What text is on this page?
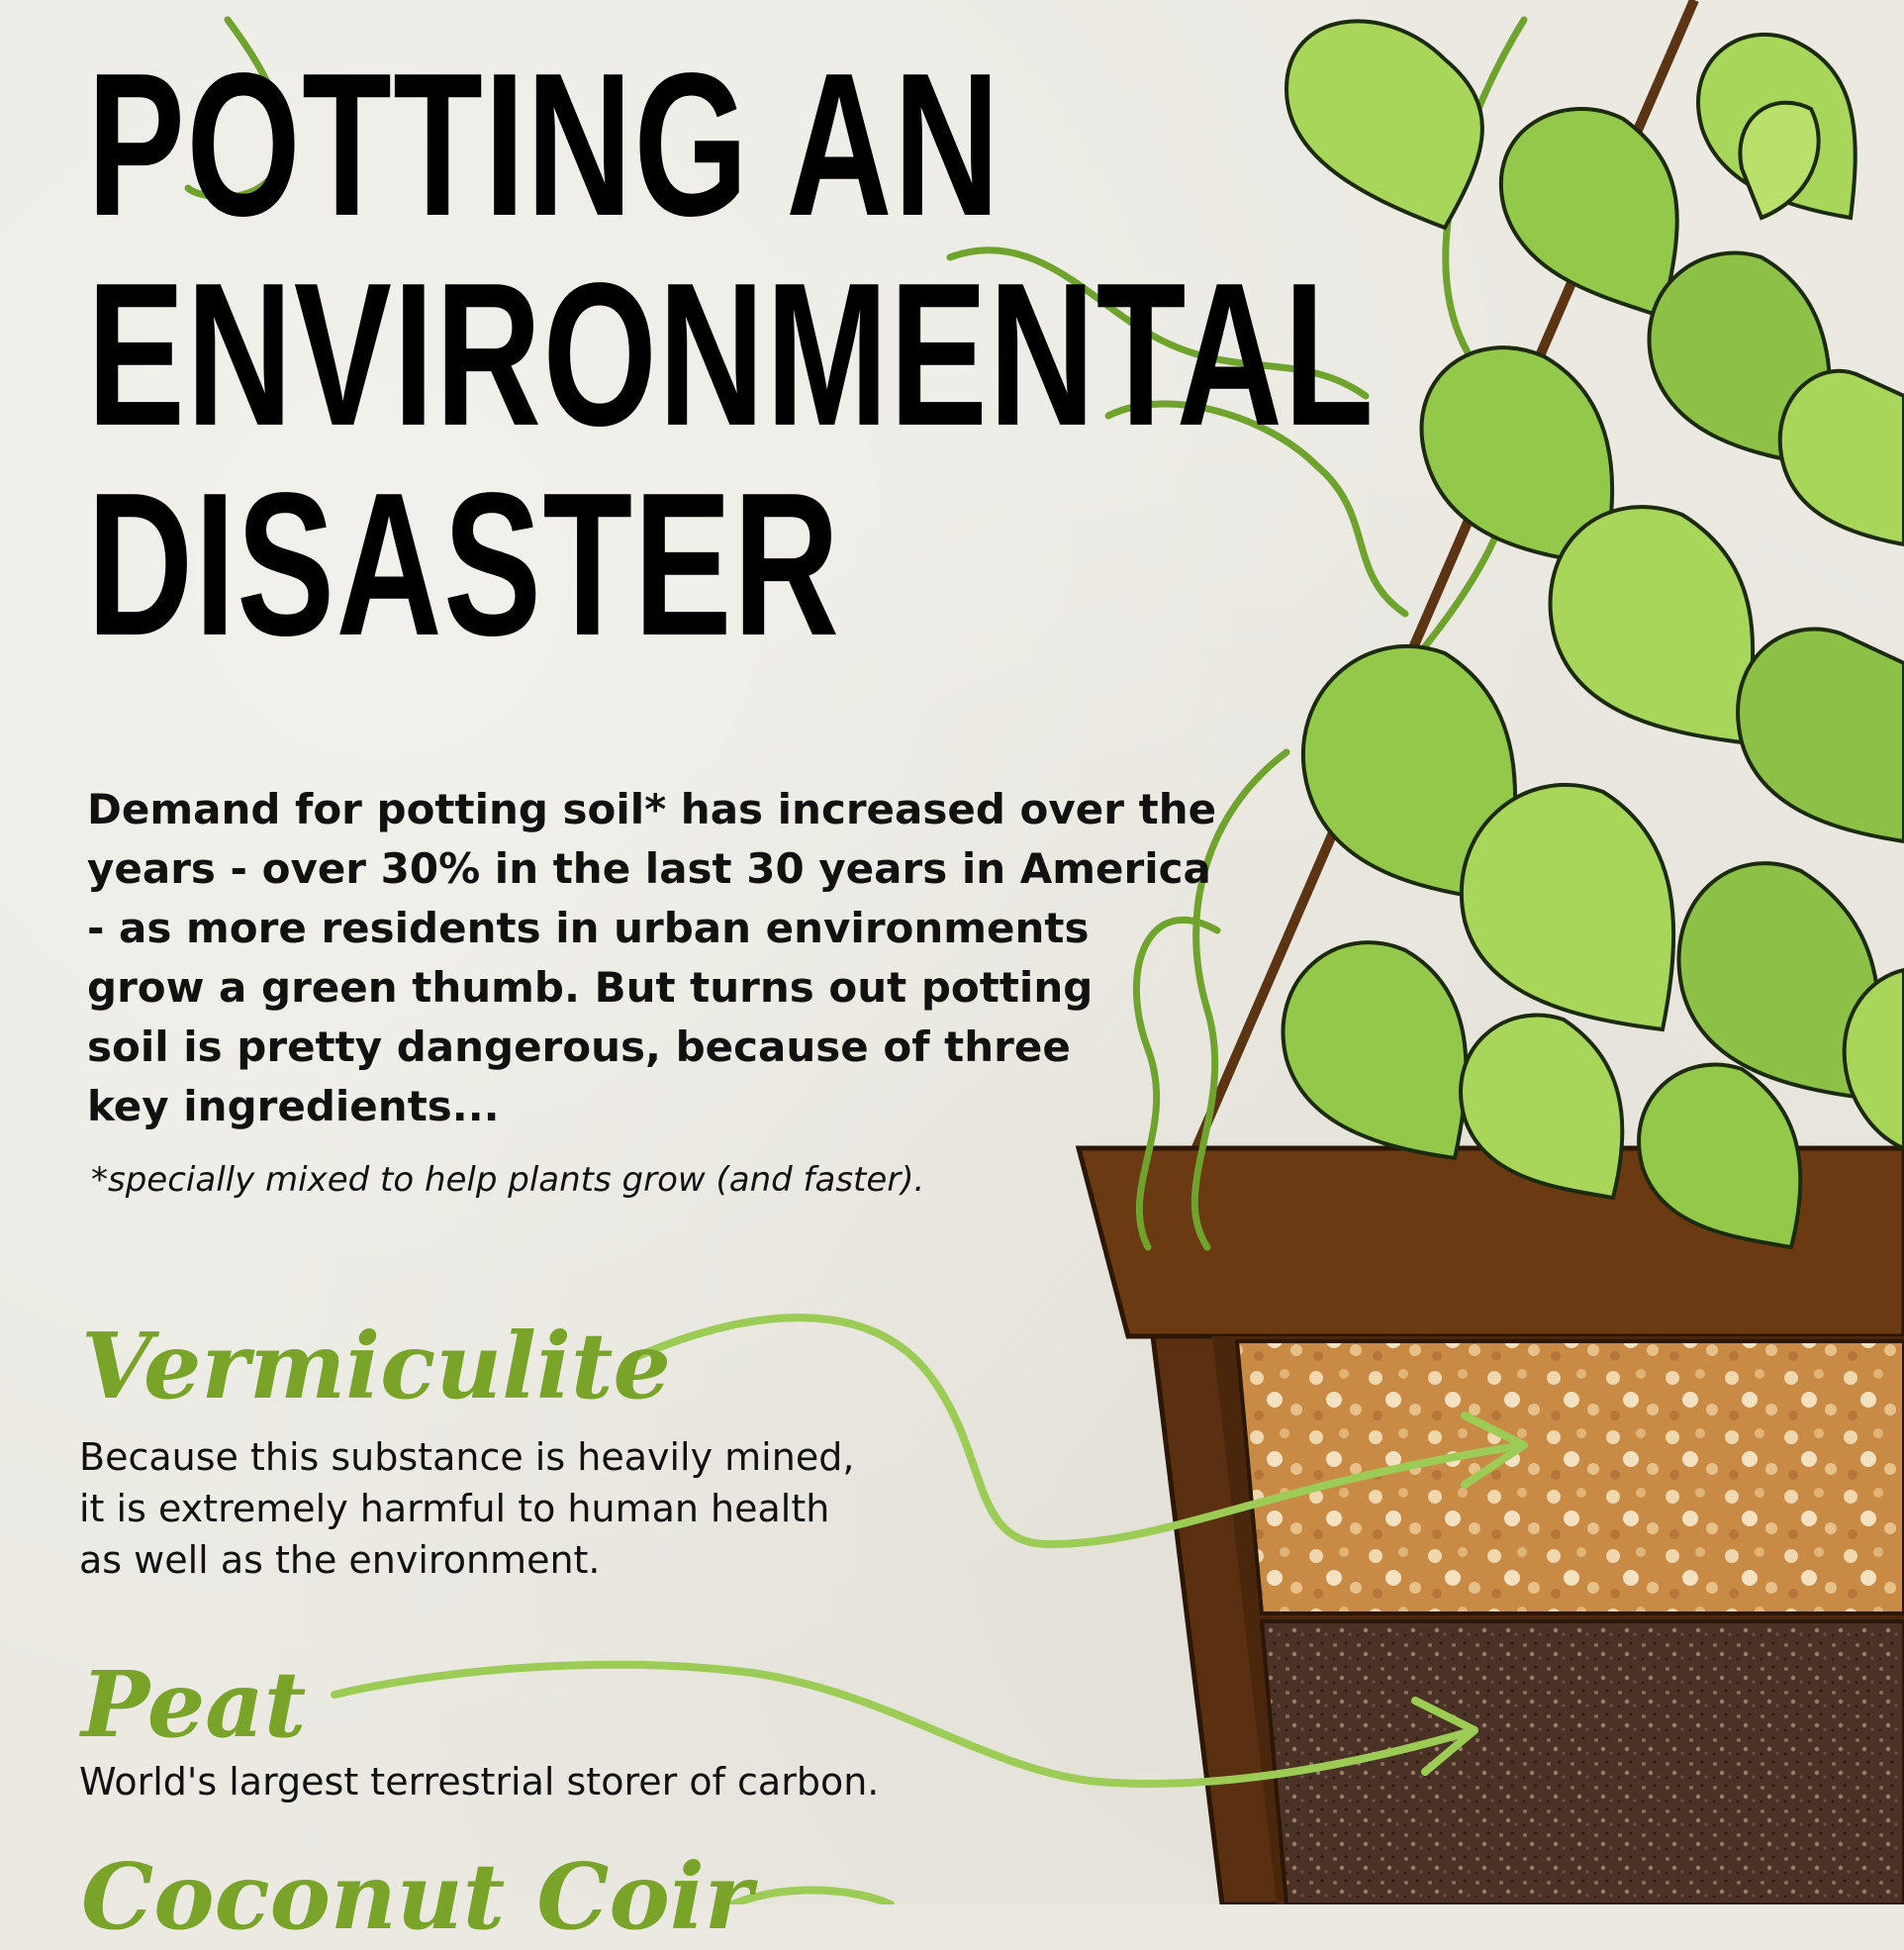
POTTING AN
ENVIRONMENTAL
DISASTER

Demand for potting soil* has increased over the
years - over 30% in the last 30 years in America
- as more residents in urban environments
grow a green thumb. But turns out potting
soil is pretty dangerous, because of three
key ingredients...

*specially mixed to help plants grow (and faster).

Vermiculite

Because this substance is heavily mined,
it is extremely harmful to human health
as well as the environment.

Peat

World's largest terrestrial storer of carbon.

Coconut Coir
